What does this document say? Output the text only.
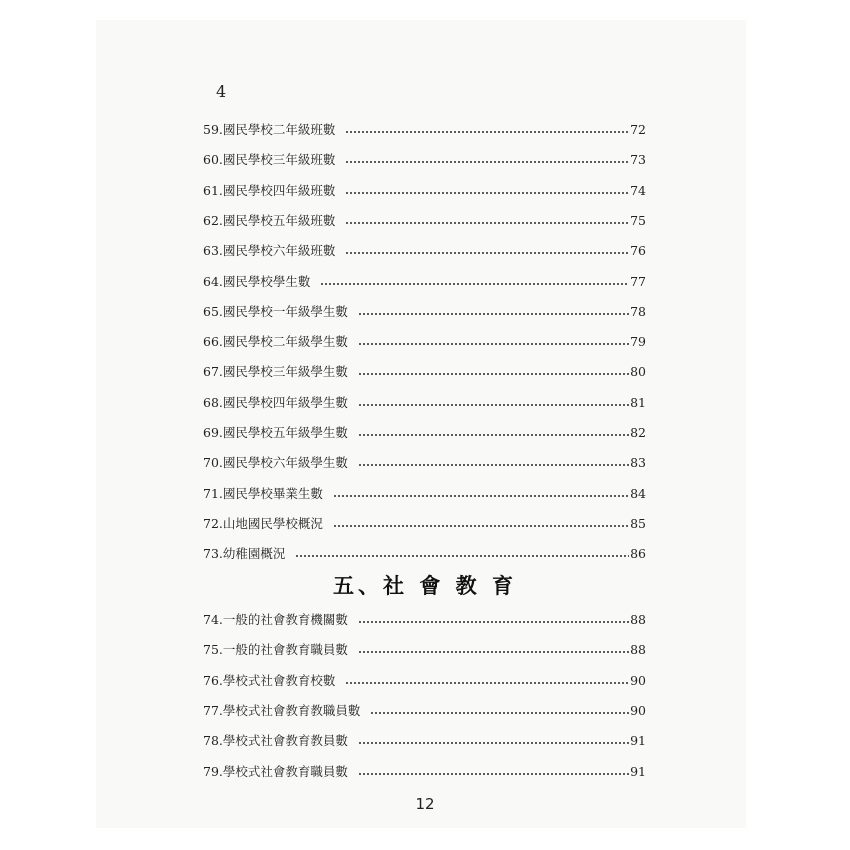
4
59. 國民學校二年級班數	72
60. 國民學校三年級班數	73
61. 國民學校四年級班數	74
62. 國民學校五年級班數	75
63. 國民學校六年級班數	76
64. 國民學校學生數	77
65. 國民學校一年級學生數	78
66. 國民學校二年級學生數	79
67. 國民學校三年級學生數	80
68. 國民學校四年級學生數	81
69. 國民學校五年級學生數	82
70. 國民學校六年級學生數	83
71. 國民學校畢業生數	84
72. 山地國民學校概況	85
73. 幼稚園概況	86
五、社 會 教 育
74. 一般的社會教育機關數	88
75. 一般的社會教育職員數	88
76. 學校式社會教育校數	90
77. 學校式社會教育教職員數	90
78. 學校式社會教育教員數	91
79. 學校式社會教育職員數	91
12
